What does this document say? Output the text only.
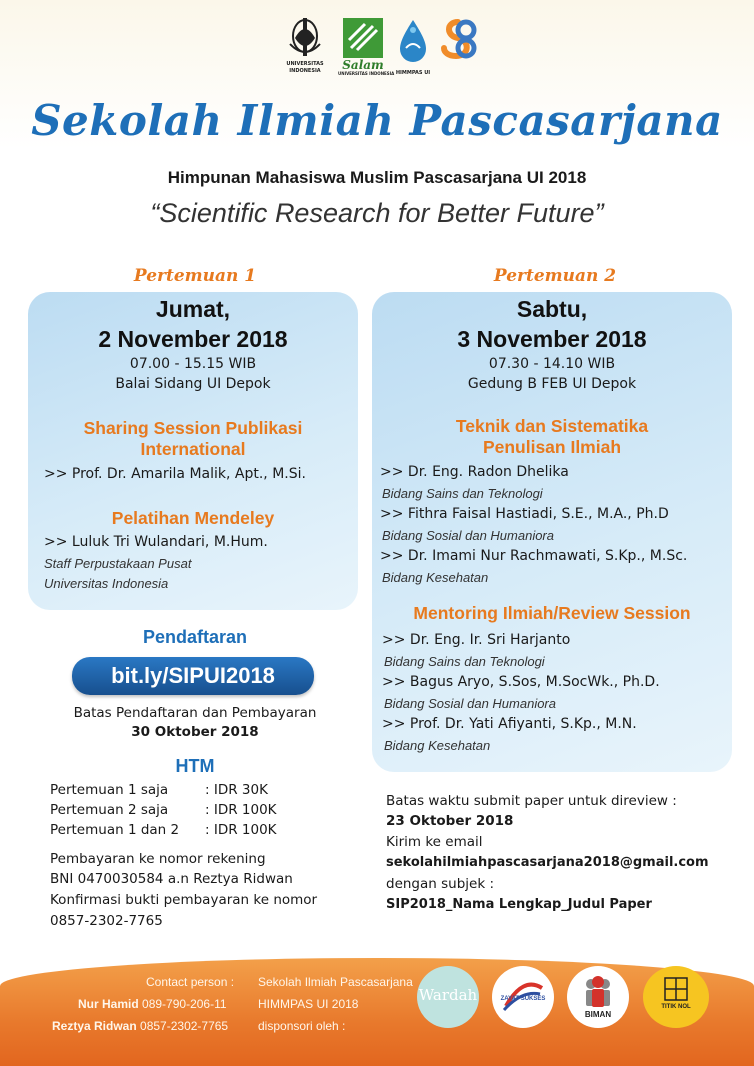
UNIVERSITAS
INDONESIA	Salam
UNIVERSITAS INDONESIA HIMMPAS UI
Sekolah Ilmiah Pascasarjana
Himpunan Mahasiswa Muslim Pascasarjana UI 2018
“Scientific Research for Better Future”
Pertemuan 1
Jumat,
2 November 2018
07.00 - 15.15 WIB
Balai Sidang UI Depok
Sharing Session Publikasi
International
>> Prof. Dr. Amarila Malik, Apt., M.Si.
Pelatihan Mendeley
>> Luluk Tri Wulandari, M.Hum.
Staff Perpustakaan Pusat
Universitas Indonesia
Pertemuan 2
Sabtu,
3 November 2018
07.30 - 14.10 WIB
Gedung B FEB UI Depok
Teknik dan Sistematika
Penulisan Ilmiah
>> Dr. Eng. Radon Dhelika
Bidang Sains dan Teknologi
>> Fithra Faisal Hastiadi, S.E., M.A., Ph.D
Bidang Sosial dan Humaniora
>> Dr. Imami Nur Rachmawati, S.Kp., M.Sc.
Bidang Kesehatan
Mentoring Ilmiah/Review Session
>> Dr. Eng. Ir. Sri Harjanto
Bidang Sains dan Teknologi
>> Bagus Aryo, S.Sos, M.SocWk., Ph.D.
Bidang Sosial dan Humaniora
>> Prof. Dr. Yati Afiyanti, S.Kp., M.N.
Bidang Kesehatan
Pendaftaran
bit.ly/SIPUI2018
Batas Pendaftaran dan Pembayaran
30 Oktober 2018
HTM
Pertemuan 1 saja	: IDR 30K
Pertemuan 2 saja	: IDR 100K
Pertemuan 1 dan 2 : IDR 100K
Pembayaran ke nomor rekening
BNI 0470030584 a.n Reztya Ridwan
Konfirmasi bukti pembayaran ke nomor
0857-2302-7765
Batas waktu submit paper untuk direview :
23 Oktober 2018
Kirim ke email
sekolahilmiahpascasarjana2018@gmail.com
dengan subjek :
SIP2018_Nama Lengkap_Judul Paper
Contact person :
Nur Hamid 089-790-206-11
Reztya Ridwan 0857-2302-7765
Sekolah Ilmiah Pascasarjana
HIMMPAS UI 2018
disponsori oleh :
Wardah	ZAYAT SUKSES
BIMAN
TITIK NOL
